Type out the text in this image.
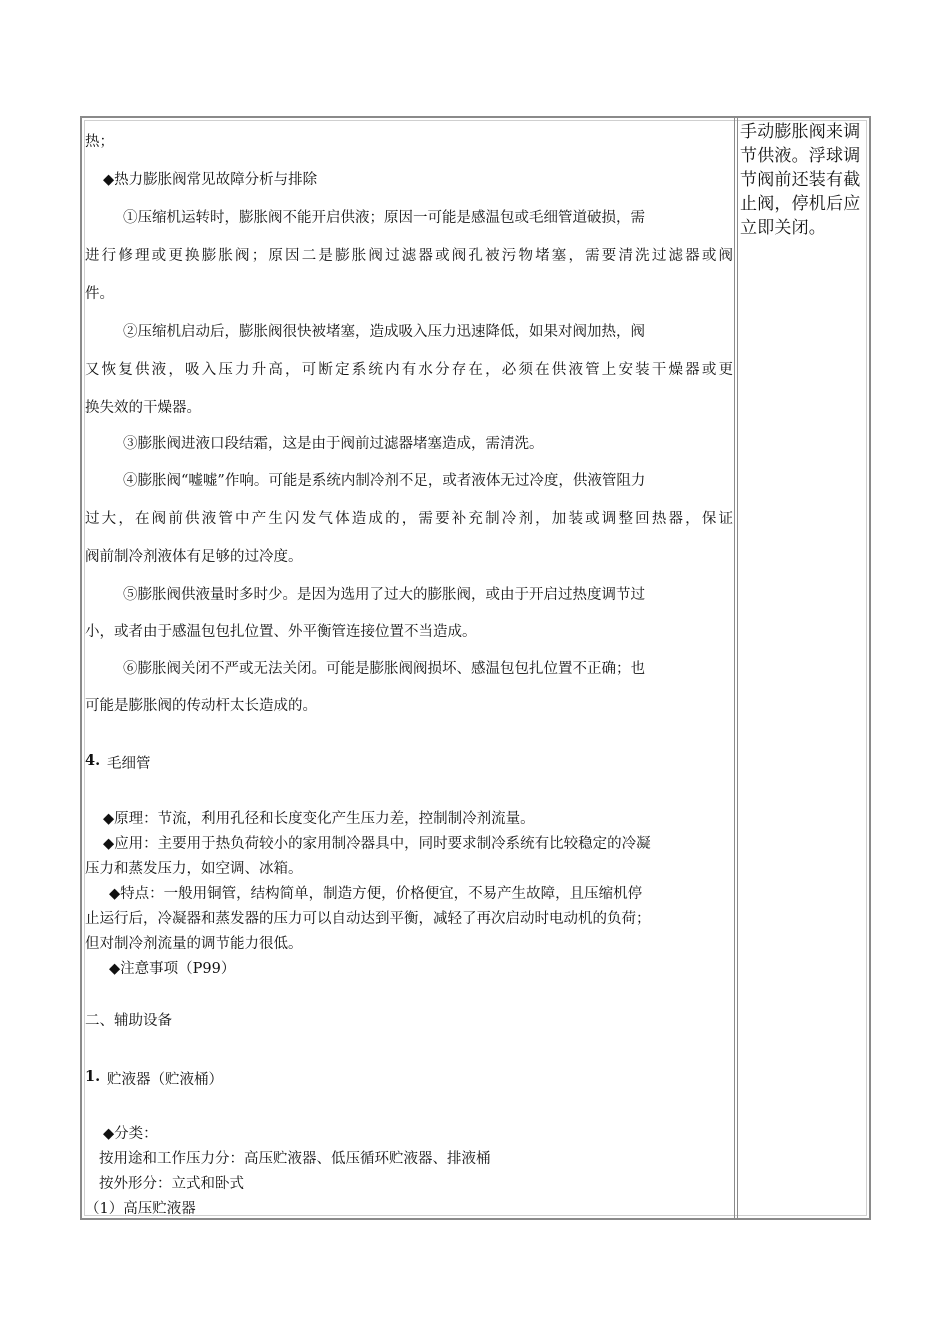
热；
◆热力膨胀阀常见故障分析与排除
①压缩机运转时，膨胀阀不能开启供液；原因一可能是感温包或毛细管道破损，需
进行修理或更换膨胀阀；原因二是膨胀阀过滤器或阀孔被污物堵塞，需要清洗过滤器或阀
件。
②压缩机启动后，膨胀阀很快被堵塞，造成吸入压力迅速降低，如果对阀加热，阀
又恢复供液，吸入压力升高，可断定系统内有水分存在，必须在供液管上安装干燥器或更
换失效的干燥器。
③膨胀阀进液口段结霜，这是由于阀前过滤器堵塞造成，需清洗。
④膨胀阀“嘘嘘”作响。可能是系统内制冷剂不足，或者液体无过冷度，供液管阻力
过大，在阀前供液管中产生闪发气体造成的，需要补充制冷剂，加装或调整回热器，保证
阀前制冷剂液体有足够的过冷度。
⑤膨胀阀供液量时多时少。是因为选用了过大的膨胀阀，或由于开启过热度调节过
小，或者由于感温包包扎位置、外平衡管连接位置不当造成。
⑥膨胀阀关闭不严或无法关闭。可能是膨胀阀阀损坏、感温包包扎位置不正确；也
可能是膨胀阀的传动杆太长造成的。
4. 毛细管
◆原理：节流，利用孔径和长度变化产生压力差，控制制冷剂流量。
◆应用：主要用于热负荷较小的家用制冷器具中，同时要求制冷系统有比较稳定的冷凝
压力和蒸发压力，如空调、冰箱。
◆特点：一般用铜管，结构简单，制造方便，价格便宜，不易产生故障，且压缩机停
止运行后，冷凝器和蒸发器的压力可以自动达到平衡，减轻了再次启动时电动机的负荷；
但对制冷剂流量的调节能力很低。
◆注意事项（P99）
二、辅助设备
1. 贮液器（贮液桶）
◆分类：
按用途和工作压力分：高压贮液器、低压循环贮液器、排液桶
按外形分：立式和卧式
（1）高压贮液器
手动膨胀阀来调节供液。浮球调节阀前还装有截止阀，停机后应立即关闭。
